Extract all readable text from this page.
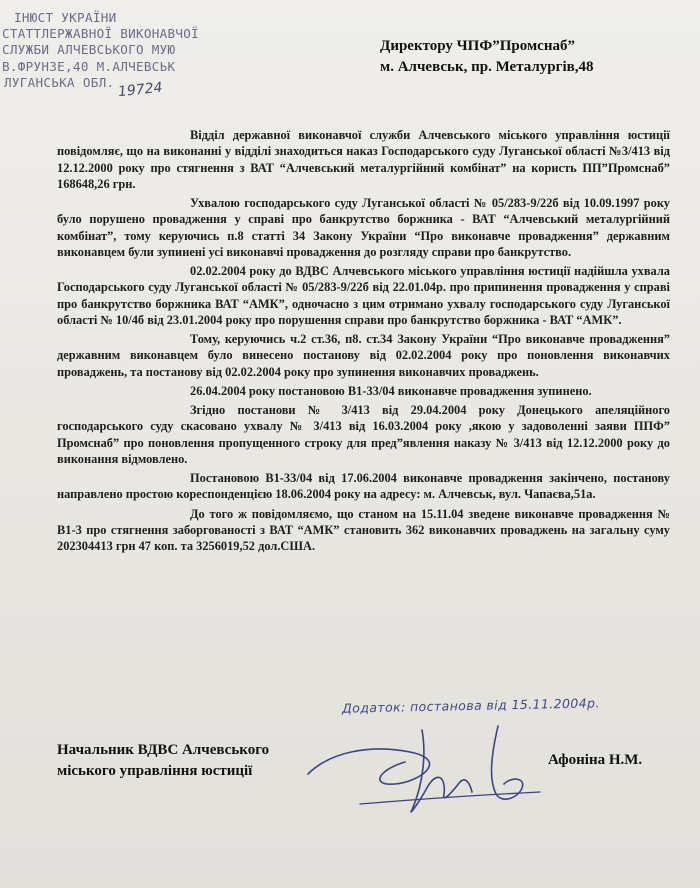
ІНЮСТ УКРАЇНИ
СТАТТЛЕРЖАВНОЇ ВИКОНАВЧОЇ
СЛУЖБИ АЛЧЕВСЬКОГО МУЮ
В.ФРУНЗЕ,40 М.АЛЧЕВСЬК
ЛУГАНСЬКА ОБЛ. 19724
Директору ЧПФ”Промснаб”
м. Алчевськ, пр. Металургів,48

Відділ державної виконавчої служби Алчевського міського управління юстиції повідомляє, що на виконанні у відділі знаходиться наказ Господарського суду Луганської області №3/413 від 12.12.2000 року про стягнення з ВАТ “Алчевський металургійний комбінат” на користь ПП”Промснаб” 168648,26 грн.

Ухвалою господарського суду Луганської області № 05/283-9/22б від 10.09.1997 року було порушено провадження у справі про банкрутство боржника - ВАТ “Алчевський металургійний комбінат”, тому керуючись п.8 статті 34 Закону України “Про виконавче провадження” державним виконавцем були зупинені усі виконавчі провадження до розгляду справи про банкрутство.

02.02.2004 року до ВДВС Алчевського міського управління юстиції надійшла ухвала Господарського суду Луганської області № 05/283-9/22б від 22.01.04р. про припинення провадження у справі про банкрутство боржника ВАТ “АМК”, одночасно з цим отримано ухвалу господарського суду Луганської області № 10/4б від 23.01.2004 року про порушення справи про банкрутство боржника - ВАТ “АМК”.

Тому, керуючись ч.2 ст.36, п8. ст.34 Закону України “Про виконавче провадження” державним виконавцем було винесено постанову від 02.02.2004 року про поновлення виконавчих проваджень, та постанову від 02.02.2004 року про зупинення виконавчих проваджень.

26.04.2004 року постановою В1-33/04 виконавче провадження зупинено.

Згідно постанови № 3/413 від 29.04.2004 року Донецького апеляційного господарського суду скасовано ухвалу № 3/413 від 16.03.2004 року ,якою у задоволенні заяви ППФ” Промснаб” про поновлення пропущенного строку для пред”явлення наказу № 3/413 від 12.12.2000 року до виконання відмовлено.

Постановою В1-33/04 від 17.06.2004 виконавче провадження закінчено, постанову направлено простою кореспонденцією 18.06.2004 року на адресу: м. Алчевськ, вул. Чапаєва,51а.

До того ж повідомляємо, що станом на 15.11.04 зведене виконавче провадження № В1-3 про стягнення заборгованості з ВАТ “АМК” становить 362 виконавчих проваджень на загальну суму 202304413 грн 47 коп. та 3256019,52 дол.США.

Додаток: постанова від 15.11.2004р.
Начальник ВДВС Алчевського
міського управління юстиції
Афоніна Н.М.
